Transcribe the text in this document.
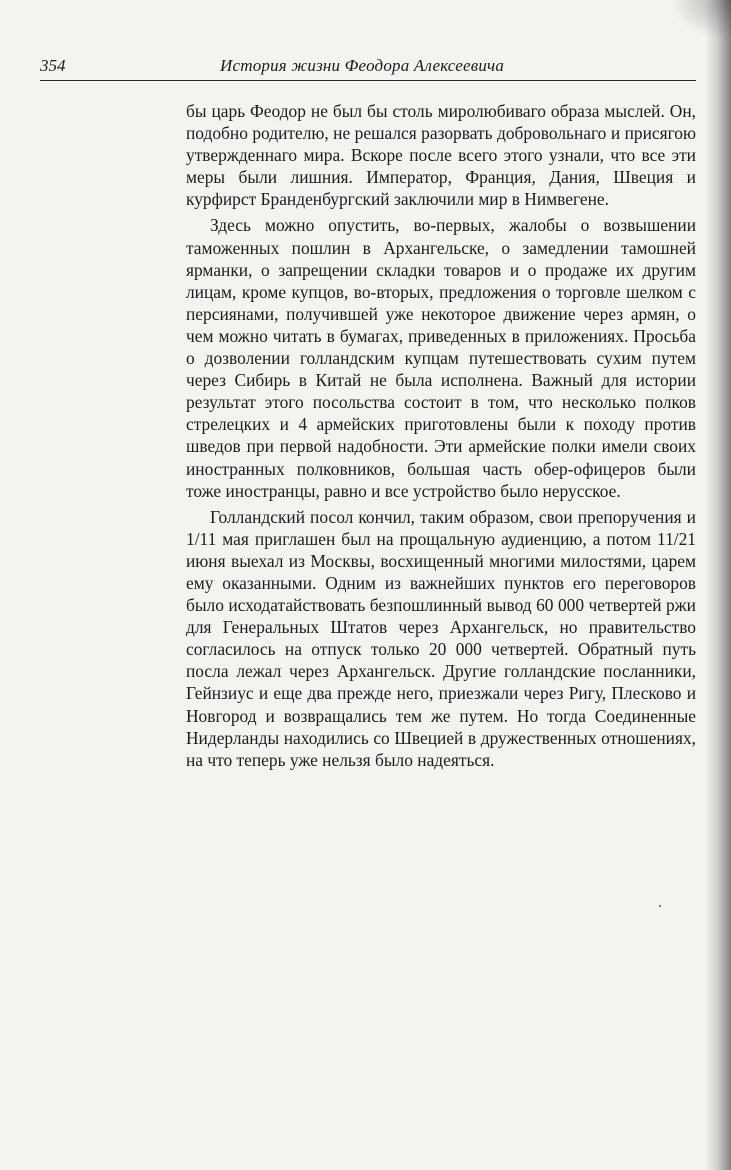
354	История жизни Феодора Алексеевича

бы царь Феодор не был бы столь миролюбиваго образа мыслей. Он, подобно родителю, не решался разорвать добровольнаго и присягою утвержденнаго мира. Вскоре после всего этого узнали, что все эти меры были лишния. Император, Франция, Дания, Швеция и курфирст Бранденбургский заключили мир в Нимвегене.

Здесь можно опустить, во-первых, жалобы о возвышении таможенных пошлин в Архангельске, о замедлении тамошней ярманки, о запрещении складки товаров и о продаже их другим лицам, кроме купцов, во-вторых, предложения о торговле шелком с персиянами, получившей уже некоторое движение через армян, о чем можно читать в бумагах, приведенных в приложениях. Просьба о дозволении голландским купцам путешествовать сухим путем через Сибирь в Китай не была исполнена. Важный для истории результат этого посольства состоит в том, что несколько полков стрелецких и 4 армейских приготовлены были к походу против шведов при первой надобности. Эти армейские полки имели своих иностранных полковников, большая часть обер-офицеров были тоже иностранцы, равно и все устройство было нерусское.

Голландский посол кончил, таким образом, свои препоручения и 1/11 мая приглашен был на прощальную аудиенцию, а потом 11/21 июня выехал из Москвы, восхищенный многими милостями, царем ему оказанными. Одним из важнейших пунктов его переговоров было исходатайствовать безпошлинный вывод 60 000 четвертей ржи для Генеральных Штатов через Архангельск, но правительство согласилось на отпуск только 20 000 четвертей. Обратный путь посла лежал через Архангельск. Другие голландские посланники, Гейнзиус и еще два прежде него, приезжали через Ригу, Плесково и Новгород и возвращались тем же путем. Но тогда Соединенные Нидерланды находились со Швецией в дружественных отношениях, на что теперь уже нельзя было надеяться.
